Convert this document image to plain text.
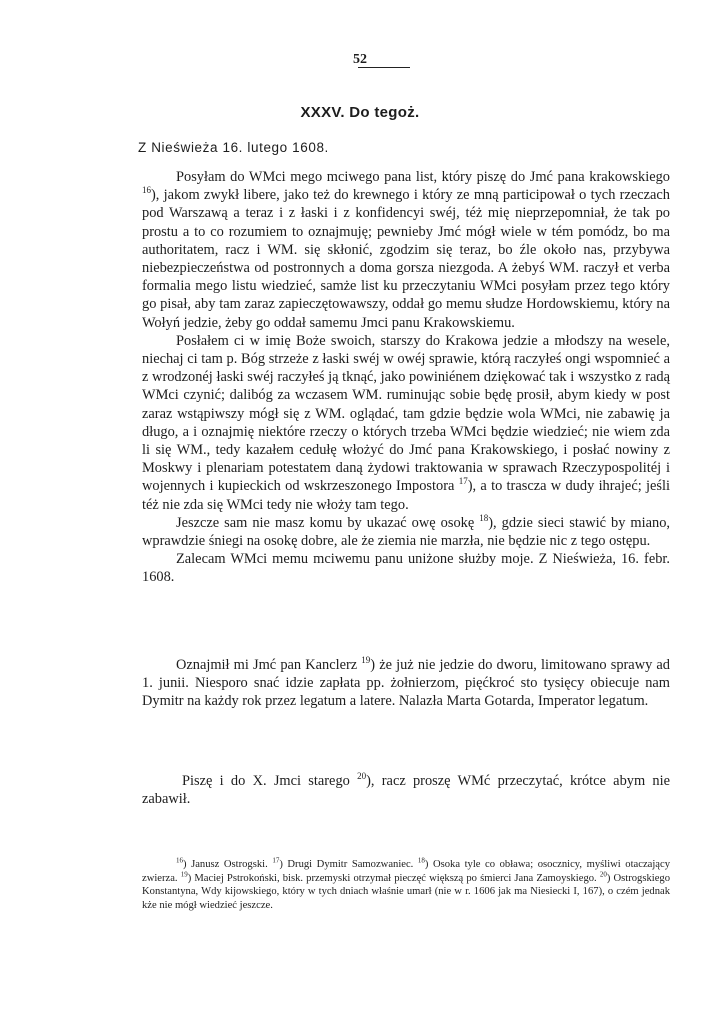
52
XXXV. Do tegoż.
Z Nieświeża 16. lutego 1608.

Posyłam do WMci mego mciwego pana list, który piszę do Jmć pana krakowskiego $^{16}$), jakom zwykł libere, jako też do krewnego i który ze mną participował o tych rzeczach pod Warszawą a teraz i z łaski i z konfidencyi swéj, téż mię nieprzepomniał, że tak po prostu a to co rozumiem to oznajmuję; pewnieby Jmć mógł wiele w tém pomódz, bo ma authoritatem, racz i WM. się skłonić, zgodzim się teraz, bo źle około nas, przybywa niebezpieczeństwa od postronnych a doma gorsza niezgoda. A żebyś WM. raczył et verba formalia mego listu wiedzieć, samże list ku przeczytaniu WMci posyłam przez tego który go pisał, aby tam zaraz zapieczętowawszy, oddał go memu słudze Hordowskiemu, który na Wołyń jedzie, żeby go oddał samemu Jmci panu Krakowskiemu.

Posłałem ci w imię Boże swoich, starszy do Krakowa jedzie a młodszy na wesele, niechaj ci tam p. Bóg strzeże z łaski swéj w owéj sprawie, którą raczyłeś ongi wspomnieć a z wrodzonéj łaski swéj raczyłeś ją tknąć, jako powiniénem dziękować tak i wszystko z radą WMci czynić; dalibóg za wczasem WM. ruminując sobie będę prosił, abym kiedy w post zaraz wstąpiwszy mógł się z WM. oglądać, tam gdzie będzie wola WMci, nie zabawię ja długo, a i oznajmię niektóre rzeczy o których trzeba WMci będzie wiedzieć; nie wiem zda li się WM., tedy kazałem cedułę włożyć do Jmć pana Krakowskiego, i posłać nowiny z Moskwy i plenariam potestatem daną żydowi traktowania w sprawach Rzeczypospolitéj i wojennych i kupieckich od wskrzeszonego Impostora $^{17}$), a to trascza w dudy ihrajeć; jeśli téż nie zda się WMci tedy nie włoży tam tego.

Jeszcze sam nie masz komu by ukazać owę osokę $^{18}$), gdzie sieci stawić by miano, wprawdzie śniegi na osokę dobre, ale że ziemia nie marzła, nie będzie nic z tego ostępu.

Zalecam WMci memu mciwemu panu uniżone służby moje. Z Nieświeża, 16. febr. 1608.

Oznajmił mi Jmć pan Kanclerz $^{19}$) że już nie jedzie do dworu, limitowano sprawy ad 1. junii. Niesporo snać idzie zapłata pp. żołnierzom, pięćkroć sto tysięcy obiecuje nam Dymitr na każdy rok przez legatum a latere. Nalazła Marta Gotarda, Imperator legatum.

Piszę i do X. Jmci starego $^{20}$), racz proszę WMć przeczytać, krótce abym nie zabawił.

$^{16}$) Janusz Ostrogski. $^{17}$) Drugi Dymitr Samozwaniec. $^{18}$) Osoka tyle co obława; osoczniсy, myśliwi otaczający zwierza. $^{19}$) Maciej Pstrokoński, bisk. przemyski otrzymał pieczęć większą po śmierci Jana Zamoyskiego. $^{20}$) Ostrogskiego Konstantyna, Wdy kijowskiego, który w tych dniach właśnie umarł (nie w r. 1606 jak ma Niesiecki I, 167), o czém jednak kże nie mógł wiedzieć jeszcze.
